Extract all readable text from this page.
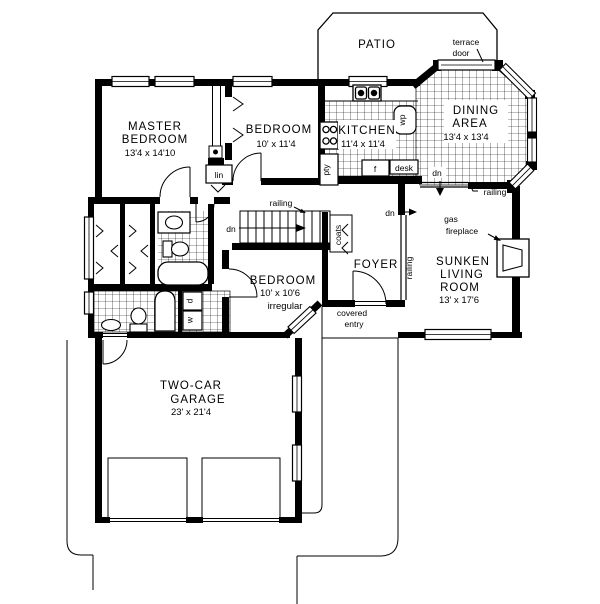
PATIO	terrace
door
MASTER
BEDROOM
13'4 x 14'10
BEDROOM
10' x 11'4
KITCHEN
11'4 x 11'4
DINING
AREA
13'4 x 13'4
SUNKEN
LIVING
ROOM
13' x 17'6
BEDROOM
10' x 10'6
irregular
FOYER
covered
entry
TWO-CAR
GARAGE
23' x 21'4
gas
fireplace
railing
railing
railing
dn
dn
dn
coats
lin
desk
f
wp
pty
d
w
